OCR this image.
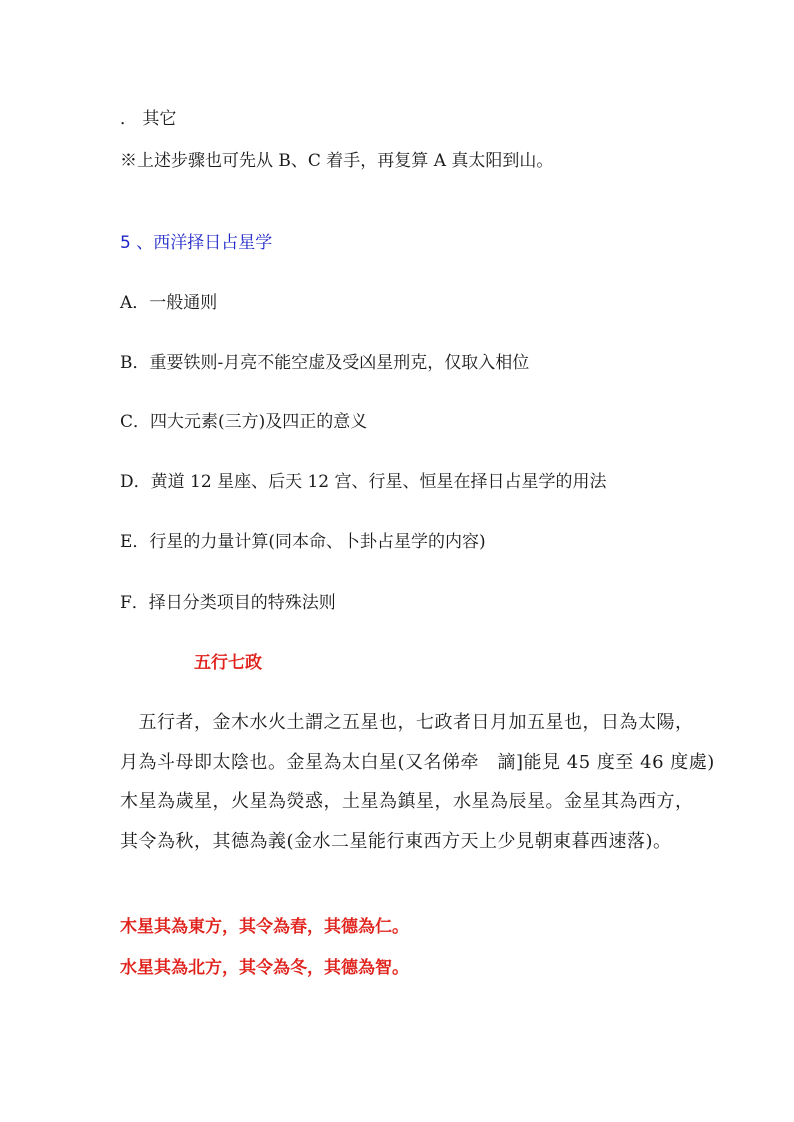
． 其它
※上述步骤也可先从 B、C 着手，再复算 A 真太阳到山。
5 、西洋择日占星学
A．一般通则
B．重要铁则-月亮不能空虚及受凶星刑克，仅取入相位
C．四大元素(三方)及四正的意义
D．黄道 12 星座、后天 12 宫、行星、恒星在择日占星学的用法
E．行星的力量计算(同本命、卜卦占星学的内容)
F．择日分类项目的特殊法则
五行七政
　五行者，金木水火土謂之五星也，七政者日月加五星也，日為太陽，
月為斗母即太陰也。金星為太白星(又名俤牵　謫]能見 45 度至 46 度處)
木星為歲星，火星為熒惑，土星為鎮星，水星為辰星。金星其為西方，
其令為秋，其德為義(金水二星能行東西方天上少見朝東暮西速落)。
木星其為東方，其令為春，其德為仁。
水星其為北方，其令為冬，其德為智。
